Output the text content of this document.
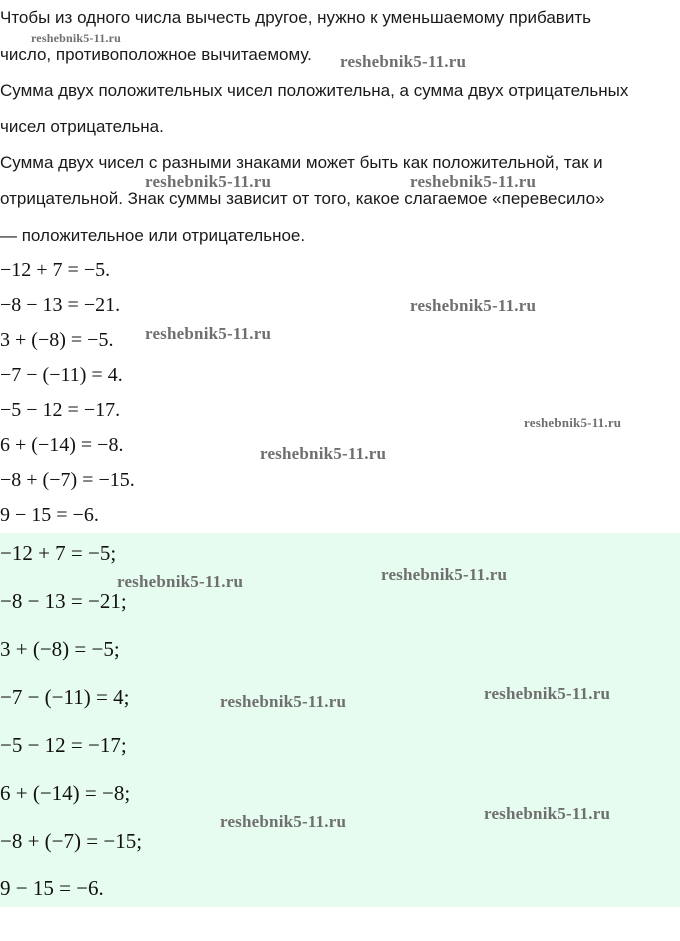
Чтобы из одного числа вычесть другое, нужно к уменьшаемому прибавить
число, противоположное вычитаемому.
Сумма двух положительных чисел положительна, а сумма двух отрицательных
чисел отрицательна.
Сумма двух чисел с разными знаками может быть как положительной, так и
отрицательной. Знак суммы зависит от того, какое слагаемое «перевесило»
— положительное или отрицательное.
−12 + 7 = −5.
−8 − 13 = −21.
3 + (−8) = −5.
−7 − (−11) = 4.
−5 − 12 = −17.
6 + (−14) = −8.
−8 + (−7) = −15.
9 − 15 = −6.
−12 + 7 = −5;
−8 − 13 = −21;
3 + (−8) = −5;
−7 − (−11) = 4;
−5 − 12 = −17;
6 + (−14) = −8;
−8 + (−7) = −15;
9 − 15 = −6.
reshebnik5-11.ru
reshebnik5-11.ru
reshebnik5-11.ru	reshebnik5-11.ru
reshebnik5-11.ru
reshebnik5-11.ru
reshebnik5-11.ru
reshebnik5-11.ru
reshebnik5-11.ru	reshebnik5-11.ru
reshebnik5-11.ru	reshebnik5-11.ru
reshebnik5-11.ru	reshebnik5-11.ru
